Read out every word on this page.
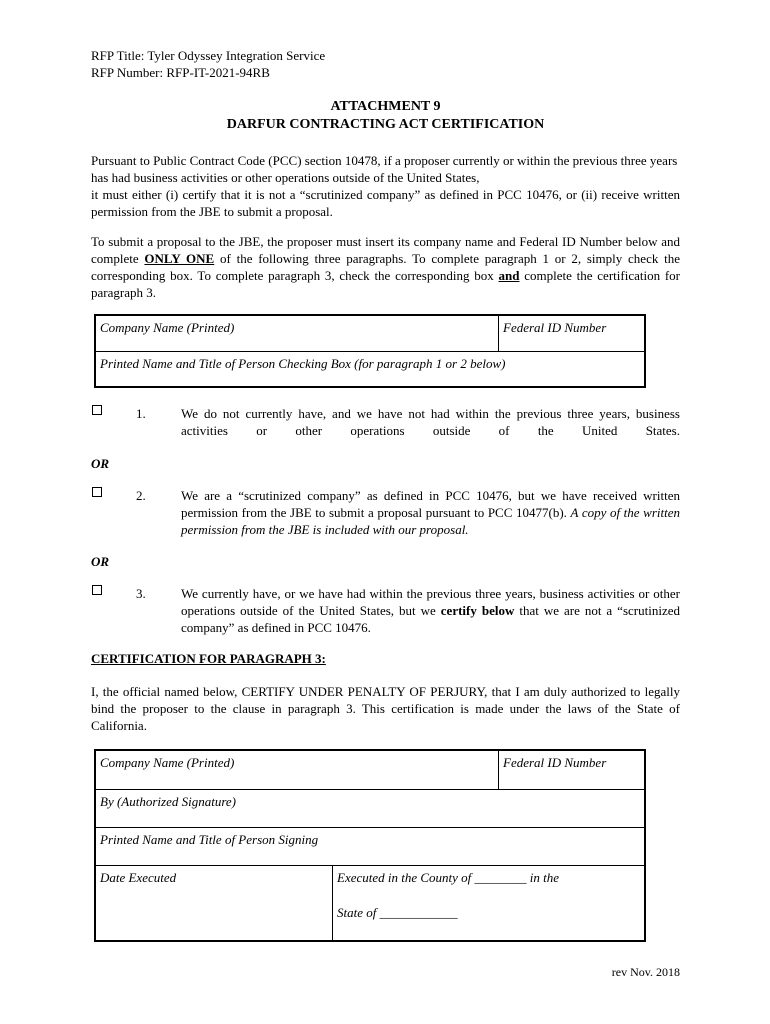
RFP Title: Tyler Odyssey Integration Service
RFP Number: RFP-IT-2021-94RB
ATTACHMENT 9
DARFUR CONTRACTING ACT CERTIFICATION
Pursuant to Public Contract Code (PCC) section 10478, if a proposer currently or within the previous three years has had business activities or other operations outside of the United States,
it must either (i) certify that it is not a “scrutinized company” as defined in PCC 10476, or (ii) receive written permission from the JBE to submit a proposal.
To submit a proposal to the JBE, the proposer must insert its company name and Federal ID Number below and complete ONLY ONE of the following three paragraphs. To complete paragraph 1 or 2, simply check the corresponding box. To complete paragraph 3, check the corresponding box and complete the certification for paragraph 3.
Company Name (Printed)	Federal ID Number
Printed Name and Title of Person Checking Box (for paragraph 1 or 2 below)
1.	We do not currently have, and we have not had within the previous three years, business activities or other operations outside of the United States.
OR
2.	We are a “scrutinized company” as defined in PCC 10476, but we have received written permission from the JBE to submit a proposal pursuant to PCC 10477(b). A copy of the written permission from the JBE is included with our proposal.
OR
3.	We currently have, or we have had within the previous three years, business activities or other operations outside of the United States, but we certify below that we are not a “scrutinized company” as defined in PCC 10476.
CERTIFICATION FOR PARAGRAPH 3:
I, the official named below, CERTIFY UNDER PENALTY OF PERJURY, that I am duly authorized to legally bind the proposer to the clause in paragraph 3. This certification is made under the laws of the State of California.
Company Name (Printed)	Federal ID Number
By (Authorized Signature)
Printed Name and Title of Person Signing
Date Executed	Executed in the County of ________ in the
State of ____________
rev Nov. 2018
